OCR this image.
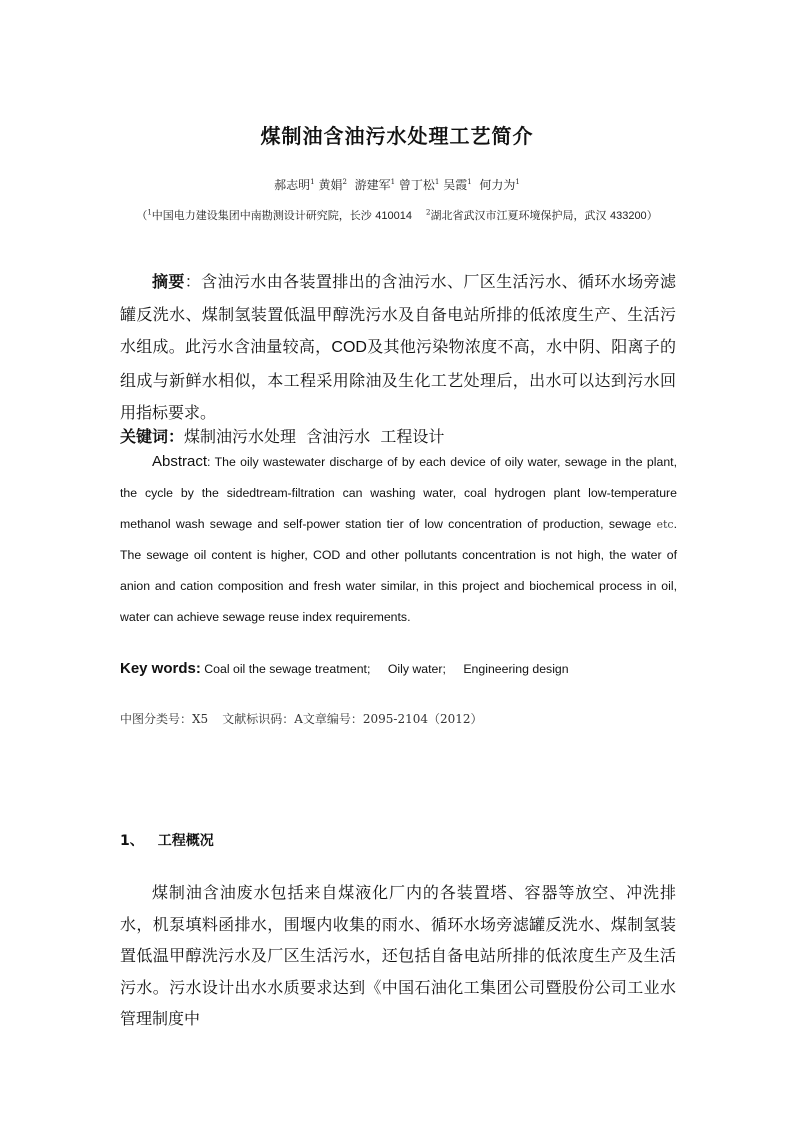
煤制油含油污水处理工艺简介
郝志明$^1$ 黄娟$^2$ 游建军$^1$ 曾丁松$^1$ 吴霞$^1$ 何力为$^1$
（$^1$中国电力建设集团中南勘测设计研究院，长沙 410014 $^2$湖北省武汉市江夏环境保护局，武汉 433200）
摘要：含油污水由各装置排出的含油污水、厂区生活污水、循环水场旁滤罐反洗水、煤制氢装置低温甲醇洗污水及自备电站所排的低浓度生产、生活污水组成。此污水含油量较高，COD及其他污染物浓度不高，水中阴、阳离子的组成与新鲜水相似，本工程采用除油及生化工艺处理后，出水可以达到污水回用指标要求。
关键词：煤制油污水处理  含油污水  工程设计
Abstract: The oily wastewater discharge of by each device of oily water, sewage in the plant, the cycle by the sidedtream-filtration can washing water, coal hydrogen plant low-temperature methanol wash sewage and self-power station tier of low concentration of production, sewage etc. The sewage oil content is higher, COD and other pollutants concentration is not high, the water of anion and cation composition and fresh water similar, in this project and biochemical process in oil, water can achieve sewage reuse index requirements.
Key words: Coal oil the sewage treatment; Oily water; Engineering design
中图分类号：X5 文献标识码：A文章编号：2095-2104（2012）
1、 工程概况
煤制油含油废水包括来自煤液化厂内的各装置塔、容器等放空、冲洗排水，机泵填料函排水，围堰内收集的雨水、循环水场旁滤罐反洗水、煤制氢装置低温甲醇洗污水及厂区生活污水，还包括自备电站所排的低浓度生产及生活污水。污水设计出水水质要求达到《中国石油化工集团公司暨股份公司工业水管理制度中
